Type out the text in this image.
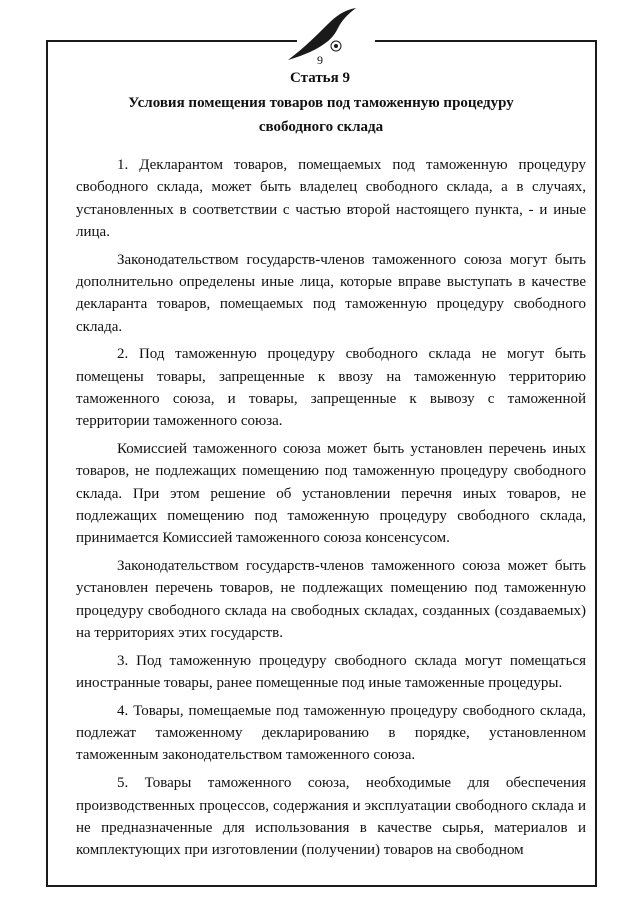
9
Статья 9
Условия помещения товаров под таможенную процедуру свободного склада

1. Декларантом товаров, помещаемых под таможенную процедуру свободного склада, может быть владелец свободного склада, а в случаях, установленных в соответствии с частью второй настоящего пункта, - и иные лица.

Законодательством государств-членов таможенного союза могут быть дополнительно определены иные лица, которые вправе выступать в качестве декларанта товаров, помещаемых под таможенную процедуру свободного склада.

2. Под таможенную процедуру свободного склада не могут быть помещены товары, запрещенные к ввозу на таможенную территорию таможенного союза, и товары, запрещенные к вывозу с таможенной территории таможенного союза.

Комиссией таможенного союза может быть установлен перечень иных товаров, не подлежащих помещению под таможенную процедуру свободного склада. При этом решение об установлении перечня иных товаров, не подлежащих помещению под таможенную процедуру свободного склада, принимается Комиссией таможенного союза консенсусом.

Законодательством государств-членов таможенного союза может быть установлен перечень товаров, не подлежащих помещению под таможенную процедуру свободного склада на свободных складах, созданных (создаваемых) на территориях этих государств.

3. Под таможенную процедуру свободного склада могут помещаться иностранные товары, ранее помещенные под иные таможенные процедуры.

4. Товары, помещаемые под таможенную процедуру свободного склада, подлежат таможенному декларированию в порядке, установленном таможенным законодательством таможенного союза.

5. Товары таможенного союза, необходимые для обеспечения производственных процессов, содержания и эксплуатации свободного склада и не предназначенные для использования в качестве сырья, материалов и комплектующих при изготовлении (получении) товаров на свободном
